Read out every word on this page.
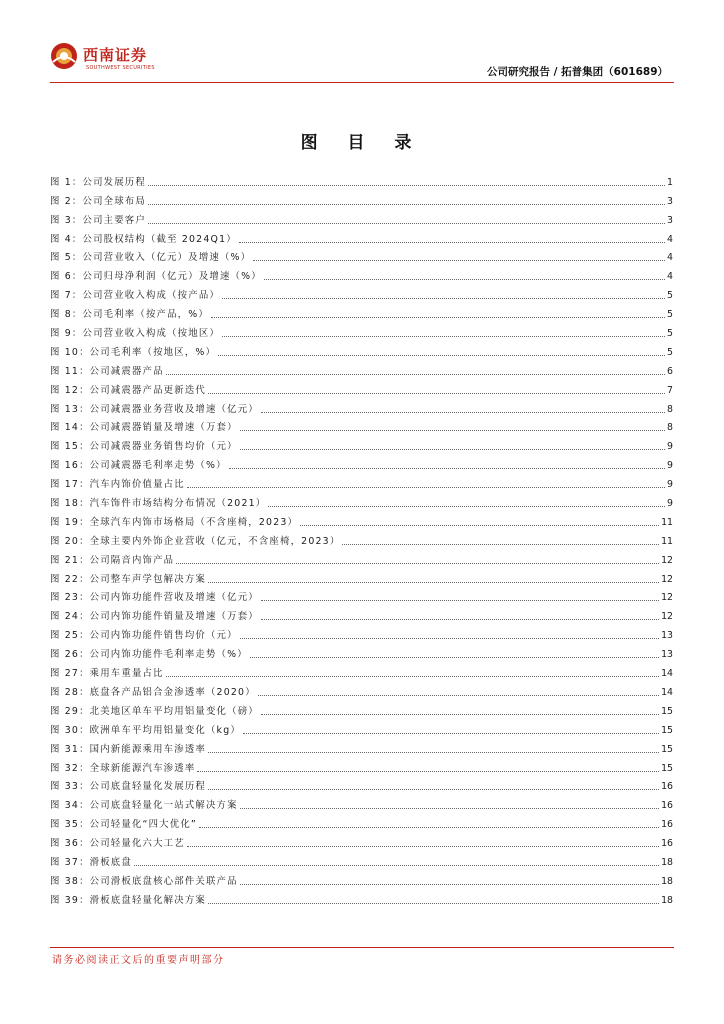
西南证券
SOUTHWEST SECURITIES	公司研究报告 / 拓普集团（601689）
图 目 录
图 1：公司发展历程	1
图 2：公司全球布局	3
图 3：公司主要客户	3
图 4：公司股权结构（截至 2024Q1）	4
图 5：公司营业收入（亿元）及增速（%）	4
图 6：公司归母净利润（亿元）及增速（%）	4
图 7：公司营业收入构成（按产品）	5
图 8：公司毛利率（按产品，%）	5
图 9：公司营业收入构成（按地区）	5
图 10：公司毛利率（按地区，%）	5
图 11：公司减震器产品	6
图 12：公司减震器产品更新迭代	7
图 13：公司减震器业务营收及增速（亿元）	8
图 14：公司减震器销量及增速（万套）	8
图 15：公司减震器业务销售均价（元）	9
图 16：公司减震器毛利率走势（%）	9
图 17：汽车内饰价值量占比	9
图 18：汽车饰件市场结构分布情况（2021）	9
图 19：全球汽车内饰市场格局（不含座椅，2023）	11
图 20：全球主要内外饰企业营收（亿元，不含座椅，2023）	11
图 21：公司隔音内饰产品	12
图 22：公司整车声学包解决方案	12
图 23：公司内饰功能件营收及增速（亿元）	12
图 24：公司内饰功能件销量及增速（万套）	12
图 25：公司内饰功能件销售均价（元）	13
图 26：公司内饰功能件毛利率走势（%）	13
图 27：乘用车重量占比	14
图 28：底盘各产品铝合金渗透率（2020）	14
图 29：北美地区单车平均用铝量变化（磅）	15
图 30：欧洲单车平均用铝量变化（kg）	15
图 31：国内新能源乘用车渗透率	15
图 32：全球新能源汽车渗透率	15
图 33：公司底盘轻量化发展历程	16
图 34：公司底盘轻量化一站式解决方案	16
图 35：公司轻量化“四大优化”	16
图 36：公司轻量化六大工艺	16
图 37：滑板底盘	18
图 38：公司滑板底盘核心部件关联产品	18
图 39：滑板底盘轻量化解决方案	18
请务必阅读正文后的重要声明部分
